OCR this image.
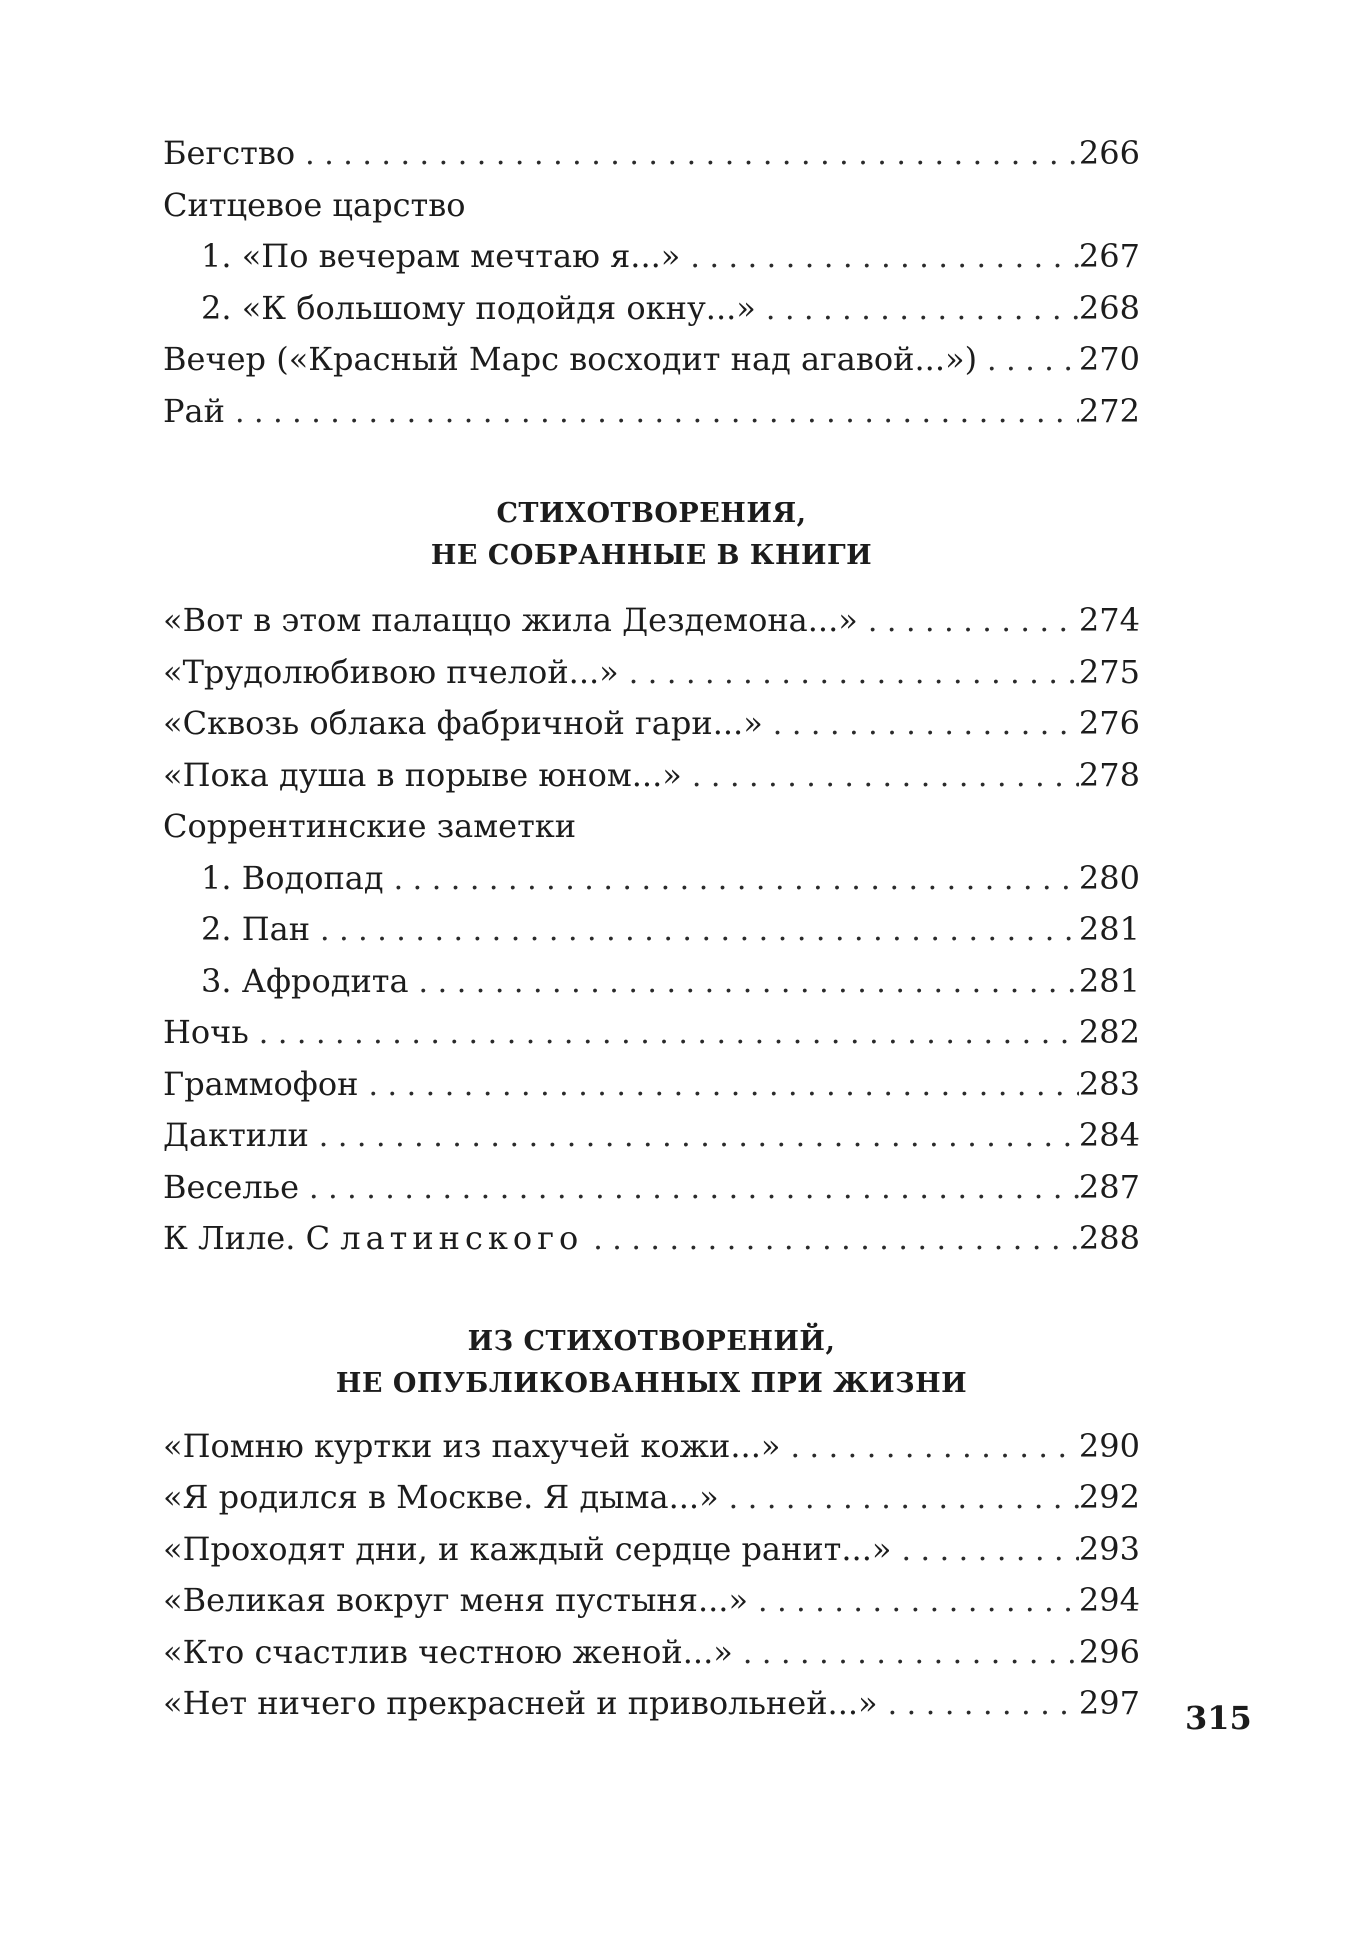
Бегство . . .	266
Ситцевое царство
1. «По вечерам мечтаю я...» . . .	267
2. «К большому подойдя окну...» . . .	268
Вечер («Красный Марс восходит над агавой...») . . .	270
Рай . . .	272
СТИХОТВОРЕНИЯ,
НЕ СОБРАННЫЕ В КНИГИ
«Вот в этом палаццо жила Дездемона...» . . .	274
«Трудолюбивою пчелой...» . . .	275
«Сквозь облака фабричной гари...» . . .	276
«Пока душа в порыве юном...» . . .	278
Соррентинские заметки
1. Водопад . . .	280
2. Пан . . .	281
3. Афродита . . .	281
Ночь . . .	282
Граммофон . . .	283
Дактили . . .	284
Веселье . . .	287
К Лиле. С латинского . . .	288
ИЗ СТИХОТВОРЕНИЙ,
НЕ ОПУБЛИКОВАННЫХ ПРИ ЖИЗНИ
«Помню куртки из пахучей кожи...» . . .	290
«Я родился в Москве. Я дыма...» . . .	292
«Проходят дни, и каждый сердце ранит...» . . .	293
«Великая вокруг меня пустыня...» . . .	294
«Кто счастлив честною женой...» . . .	296
«Нет ничего прекрасней и привольней...» . . .	297 315
